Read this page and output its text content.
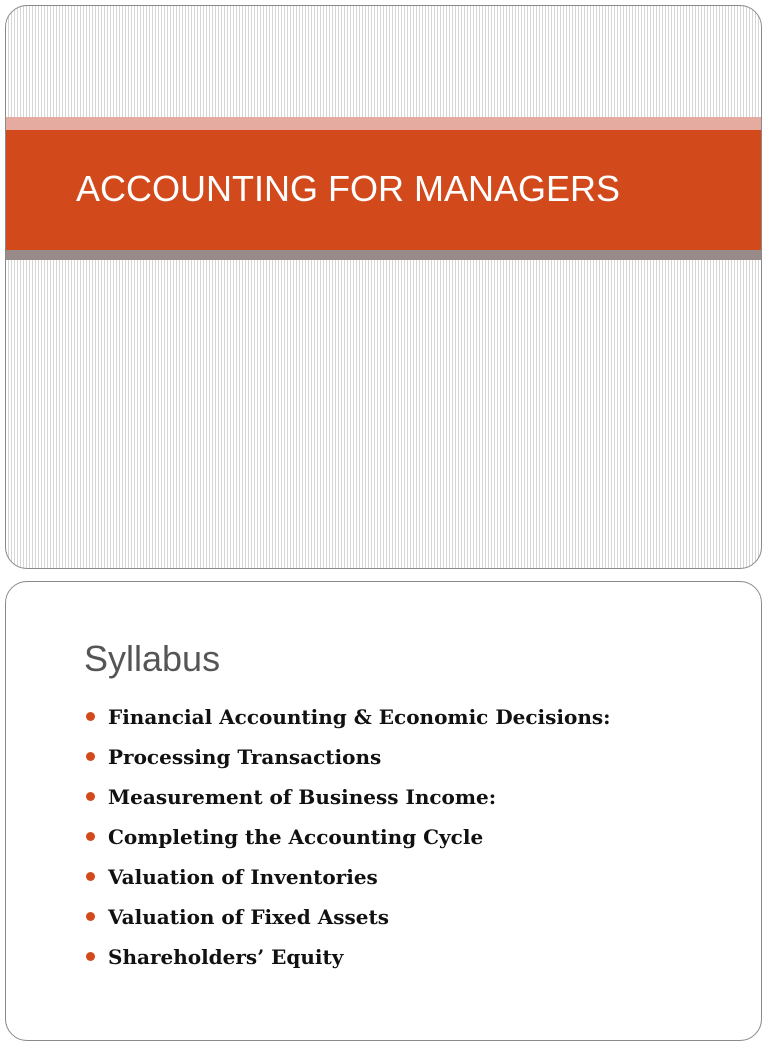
ACCOUNTING FOR MANAGERS
Syllabus
Financial Accounting & Economic Decisions:
Processing Transactions
Measurement of Business Income:
Completing the Accounting Cycle
Valuation of Inventories
Valuation of Fixed Assets
Shareholders’ Equity
